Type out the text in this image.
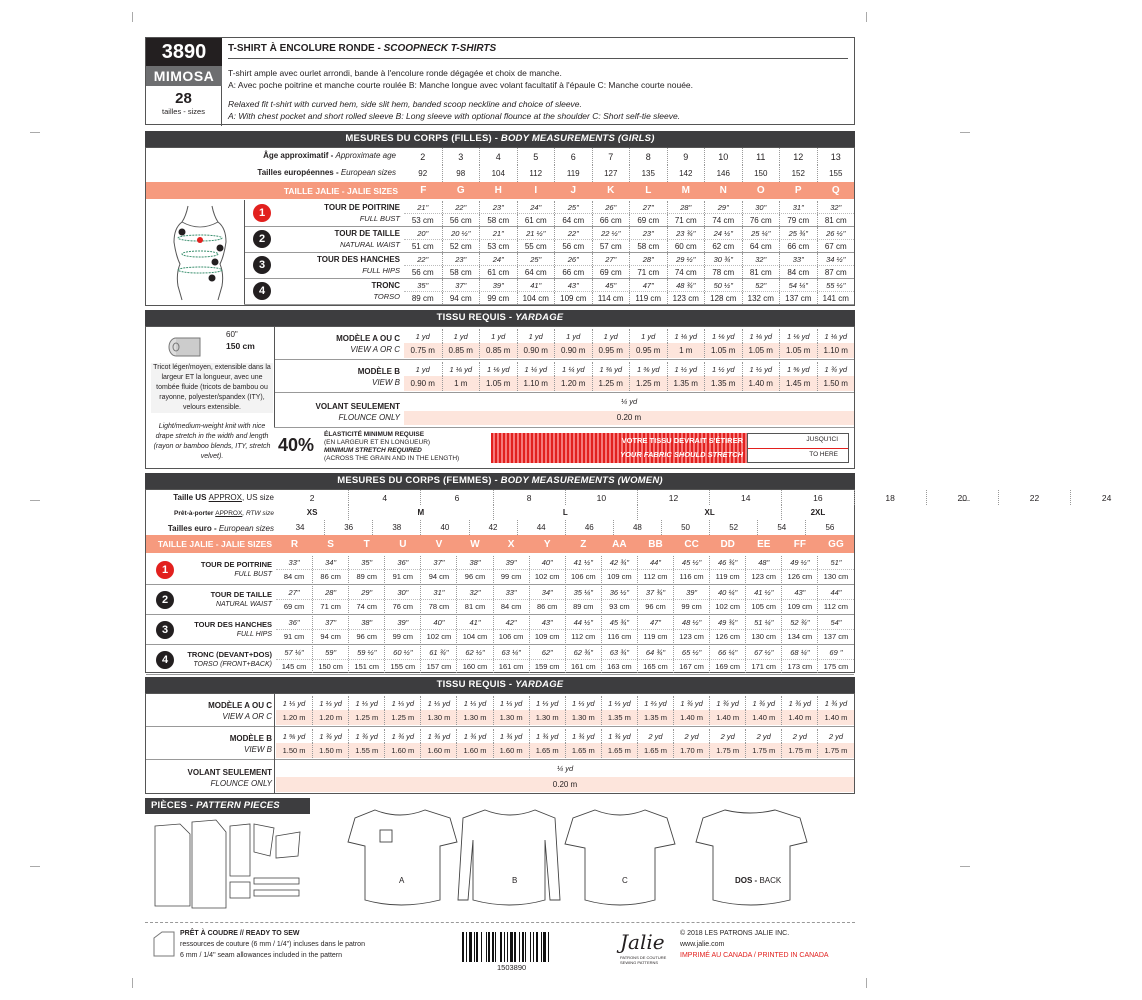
3890
MIMOSA
28
tailles - sizes
T-SHIRT À ENCOLURE RONDE - SCOOPNECK T-SHIRTS
T-shirt ample avec ourlet arrondi, bande à l'encolure ronde dégagée et choix de manche.
A: Avec poche poitrine et manche courte roulée B: Manche longue avec volant facultatif à l'épaule C: Manche courte nouée.
Relaxed fit t-shirt with curved hem, side slit hem, banded scoop neckline and choice of sleeve.
A: With chest pocket and short rolled sleeve B: Long sleeve with optional flounce at the shoulder C: Short self-tie sleeve.
MESURES DU CORPS (FILLES) - BODY MEASUREMENTS (GIRLS)
Âge approximatif - Approximate age
Tailles européennes - European sizes
2	3	4	5	6	7	8	9	10	11	12	13
92	98	104	112	119	127	135	142	146	150	152	155
TAILLE JALIE - JALIE SIZES	F	G	H	I	J	K	L	M	N	O	P	Q
1	TOUR DE POITRINE
FULL BUST
21"	22"	23"	24"	25"	26"	27"	28"	29"	30"	31"	32"
53 cm	56 cm	58 cm	61 cm	64 cm	66 cm	69 cm	71 cm	74 cm	76 cm	79 cm	81 cm
2	TOUR DE TAILLE
NATURAL WAIST
20"	20 ½"	21"	21 ½"	22"	22 ½"	23"	23 ¾"	24 ½"	25 ¼"	25 ¾"	26 ½"
51 cm	52 cm	53 cm	55 cm	56 cm	57 cm	58 cm	60 cm	62 cm	64 cm	66 cm	67 cm
3	TOUR DES HANCHES
FULL HIPS
22"	23"	24"	25"	26"	27"	28"	29 ½"	30 ¾"	32"	33"	34 ½"
56 cm	58 cm	61 cm	64 cm	66 cm	69 cm	71 cm	74 cm	78 cm	81 cm	84 cm	87 cm
4	TRONC
TORSO
35"	37"	39"	41"	43"	45"	47"	48 ¾"	50 ½"	52"	54 ¼"	55 ½"
89 cm	94 cm	99 cm	104 cm	109 cm	114 cm	119 cm	123 cm	128 cm	132 cm	137 cm	141 cm
TISSU REQUIS - YARDAGE
60"
150 cm
Tricot léger/moyen, extensible dans la largeur ET la longueur, avec une tombée fluide (tricots de bambou ou rayonne, polyester/spandex (ITY), velours extensible.
Light/medium-weight knit with nice drape stretch in the width and length (rayon or bamboo blends, ITY, stretch velvet).
MODÈLE A OU C
VIEW A OR C
1 yd	1 yd	1 yd	1 yd	1 yd	1 yd	1 yd	1 ⅛ yd	1 ⅛ yd	1 ⅛ yd	1 ⅛ yd	1 ⅛ yd
0.75 m	0.85 m	0.85 m	0.90 m	0.90 m	0.95 m	0.95 m	1 m	1.05 m	1.05 m	1.05 m	1.10 m
MODÈLE B
VIEW B
1 yd	1 ⅛ yd	1 ⅛ yd	1 ¼ yd	1 ¼ yd	1 ⅜ yd	1 ⅜ yd	1 ½ yd	1 ½ yd	1 ½ yd	1 ⅝ yd	1 ¾ yd
0.90 m	1 m	1.05 m	1.10 m	1.20 m	1.25 m	1.25 m	1.35 m	1.35 m	1.40 m	1.45 m	1.50 m
VOLANT SEULEMENT
FLOUNCE ONLY
¼ yd
0.20 m
40%
ÉLASTICITÉ MINIMUM REQUISE
(EN LARGEUR ET EN LONGUEUR)
MINIMUM STRETCH REQUIRED
(ACROSS THE GRAIN AND IN THE LENGTH)
VOTRE TISSU DEVRAIT S'ÉTIRER
YOUR FABRIC SHOULD STRETCH
JUSQU'ICI
TO HERE
MESURES DU CORPS (FEMMES) - BODY MEASUREMENTS (WOMEN)
Taille US APPROX, US size
Prêt-à-porter APPROX, RTW size
Tailles euro - European sizes
2	4	6	8	10	12	14	16	18	20	22	24
XS	M	L	XL	2XL
34	36	38	40	42	44	46	48	50	52	54	56
TAILLE JALIE - JALIE SIZES	R	S	T	U	V	W	X	Y	Z	AA	BB	CC	DD	EE	FF	GG
1	TOUR DE POITRINE
FULL BUST
33"	34"	35"	36"	37"	38"	39"	40"	41 ½"	42 ¾"	44"	45 ½"	46 ¾"	48"	49 ½"	51"
84 cm	86 cm	89 cm	91 cm	94 cm	96 cm	99 cm	102 cm	106 cm	109 cm	112 cm	116 cm	119 cm	123 cm	126 cm	130 cm
2	TOUR DE TAILLE
NATURAL WAIST
27"	28"	29"	30"	31"	32"	33"	34"	35 ¼"	36 ½"	37 ¾"	39"	40 ¼"	41 ½"	43"	44"
69 cm	71 cm	74 cm	76 cm	78 cm	81 cm	84 cm	86 cm	89 cm	93 cm	96 cm	99 cm	102 cm	105 cm	109 cm	112 cm
3	TOUR DES HANCHES
FULL HIPS
36"	37"	38"	39"	40"	41"	42"	43"	44 ½"	45 ¾"	47"	48 ½"	49 ¾"	51 ¼"	52 ¾"	54"
91 cm	94 cm	96 cm	99 cm	102 cm	104 cm	106 cm	109 cm	112 cm	116 cm	119 cm	123 cm	126 cm	130 cm	134 cm	137 cm
4	TRONC (DEVANT+DOS)
TORSO (FRONT+BACK)
57 ¼"	59"	59 ½"	60 ½"	61 ¾"	62 ½"	63 ¼"	62"	62 ¾"	63 ¾"	64 ¾"	65 ½"	66 ¼"	67 ½"	68 ¼"	69 "
145 cm	150 cm	151 cm	155 cm	157 cm	160 cm	161 cm	159 cm	161 cm	163 cm	165 cm	167 cm	169 cm	171 cm	173 cm	175 cm
TISSU REQUIS - YARDAGE
MODÈLE A OU C
VIEW A OR C
1 ⅓ yd	1 ⅓ yd	1 ⅓ yd	1 ⅓ yd	1 ⅓ yd	1 ⅓ yd	1 ⅓ yd	1 ⅓ yd	1 ⅓ yd	1 ⅓ yd	1 ⅔ yd	1 ¾ yd	1 ¾ yd	1 ¾ yd	1 ¾ yd	1 ¾ yd
1.20 m	1.20 m	1.25 m	1.25 m	1.30 m	1.30 m	1.30 m	1.30 m	1.30 m	1.35 m	1.35 m	1.40 m	1.40 m	1.40 m	1.40 m	1.40 m
MODÈLE B
VIEW B
1 ⅝ yd	1 ¾ yd	1 ¾ yd	1 ¾ yd	1 ¾ yd	1 ¾ yd	1 ¾ yd	1 ¾ yd	1 ¾ yd	1 ¾ yd	2 yd	2 yd	2 yd	2 yd	2 yd	2 yd
1.50 m	1.50 m	1.55 m	1.60 m	1.60 m	1.60 m	1.60 m	1.65 m	1.65 m	1.65 m	1.65 m	1.70 m	1.75 m	1.75 m	1.75 m	1.75 m
VOLANT SEULEMENT
FLOUNCE ONLY
¼ yd
0.20 m
PIÈCES - PATTERN PIECES
A	B	C	DOS - BACK
PRÊT À COUDRE // READY TO SEW
ressources de couture (6 mm / 1/4") incluses dans le patron
6 mm / 1/4" seam allowances included in the pattern
1503890
Jalie
PATRONS DE COUTURE SEWING PATTERNS
© 2018 LES PATRONS JALIE INC.
www.jalie.com
IMPRIMÉ AU CANADA / PRINTED IN CANADA
